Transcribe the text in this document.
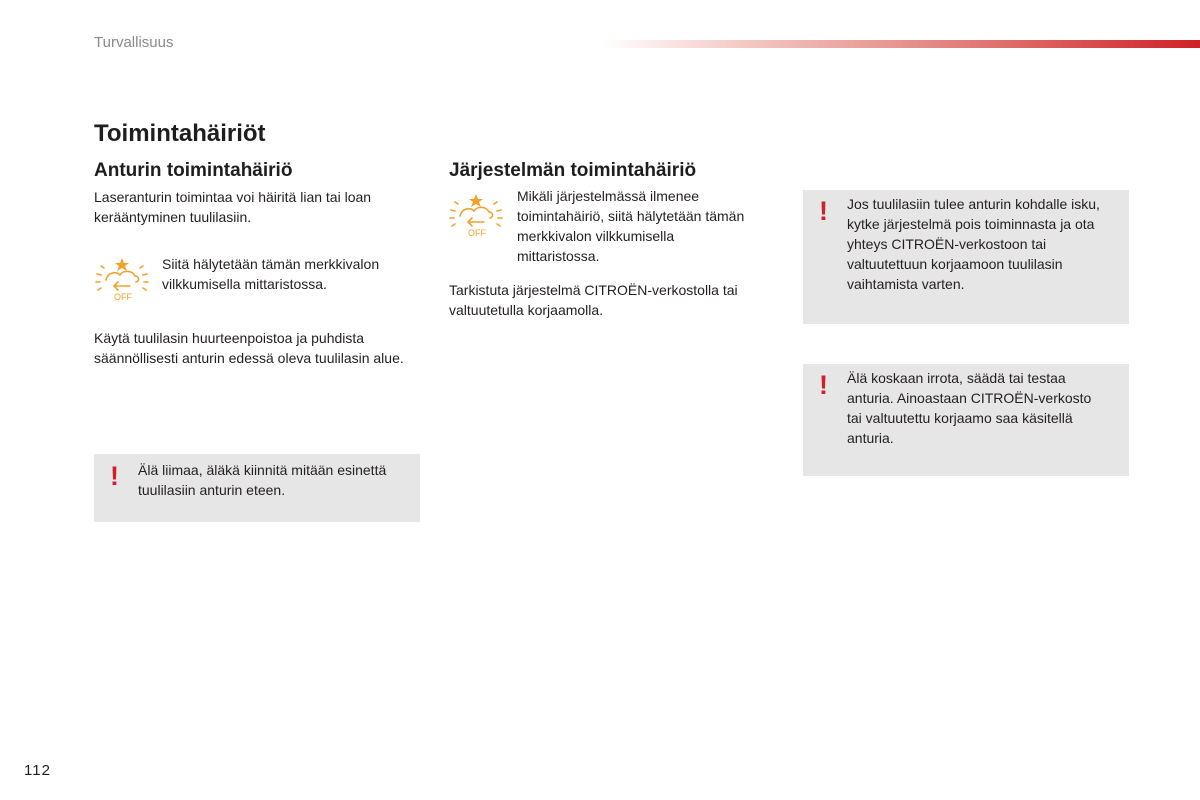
Turvallisuus
Toimintahäiriöt
Anturin toimintahäiriö

Laseranturin toimintaa voi häiritä lian tai loan kerääntyminen tuulilasiin.

OFF

Siitä hälytetään tämän merkkivalon vilkkumisella mittaristossa.

Käytä tuulilasin huurteenpoistoa ja puhdista säännöllisesti anturin edessä oleva tuulilasin alue.

! Älä liimaa, äläkä kiinnitä mitään esinettä tuulilasiin anturin eteen.
Järjestelmän toimintahäiriö
OFF

Mikäli järjestelmässä ilmenee toimintahäiriö, siitä hälytetään tämän merkkivalon vilkkumisella mittaristossa.

Tarkistuta järjestelmä CITROËN-verkostolla tai valtuutetulla korjaamolla.

! Jos tuulilasiin tulee anturin kohdalle isku, kytke järjestelmä pois toiminnasta ja ota yhteys CITROËN-verkostoon tai valtuutettuun korjaamoon tuulilasin vaihtamista varten.
! Älä koskaan irrota, säädä tai testaa anturia. Ainoastaan CITROËN-verkosto tai valtuutettu korjaamo saa käsitellä anturia.
112
